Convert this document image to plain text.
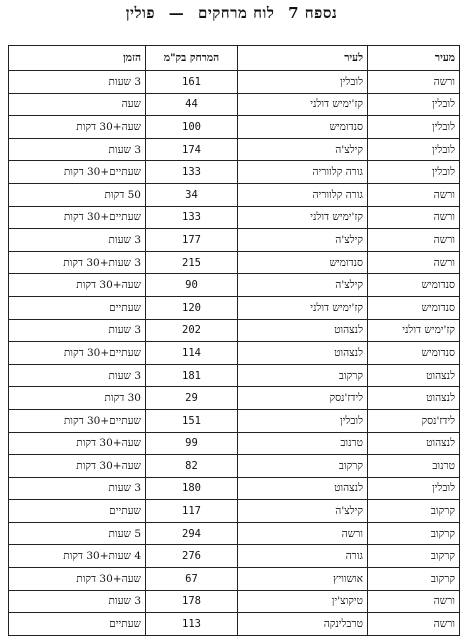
נספח 7 לוח מרחקים — פולין
מעיר	לעיר	המרחק בק"מ	הזמן
ורשה	לובלין	161	3 שעות
לובלין	קז'ימיש דולני	44	שעה
לובלין	סנדומיש	100	שעה+30 דקות
לובלין	קילצ'ה	174	3 שעות
לובלין	גורה קלווריה	133	שעתיים+30 דקות
ורשה	גורה קלווריה	34	50 דקות
ורשה	קז'ימיש דולני	133	שעתיים+30 דקות
ורשה	קילצ'ה	177	3 שעות
ורשה	סנדומיש	215	3 שעות+30 דקות
סנדומיש	קילצ'ה	90	שעה+30 דקות
סנדומיש	קז'ימיש דולני	120	שעתיים
קז'ימיש דולני	לנצהוט	202	3 שעות
סנדומיש	לנצהוט	114	שעתיים+30 דקות
לנצהוט	קרקוב	181	3 שעות
לנצהוט	לידז'נסק	29	30 דקות
לידז'נסק	לובלין	151	שעתיים+30 דקות
לנצהוט	טרנוב	99	שעה+30 דקות
טרנוב	קרקוב	82	שעה+30 דקות
לובלין	לנצהוט	180	3 שעות
קרקוב	קילצ'ה	117	שעתיים
קרקוב	ורשה	294	5 שעות
קרקוב	גורה	276	4 שעות+30 דקות
קרקוב	אושוויץ	67	שעה+30 דקות
ורשה	טיקוצ'ין	178	3 שעות
ורשה	טרבלינקה	113	שעתיים
